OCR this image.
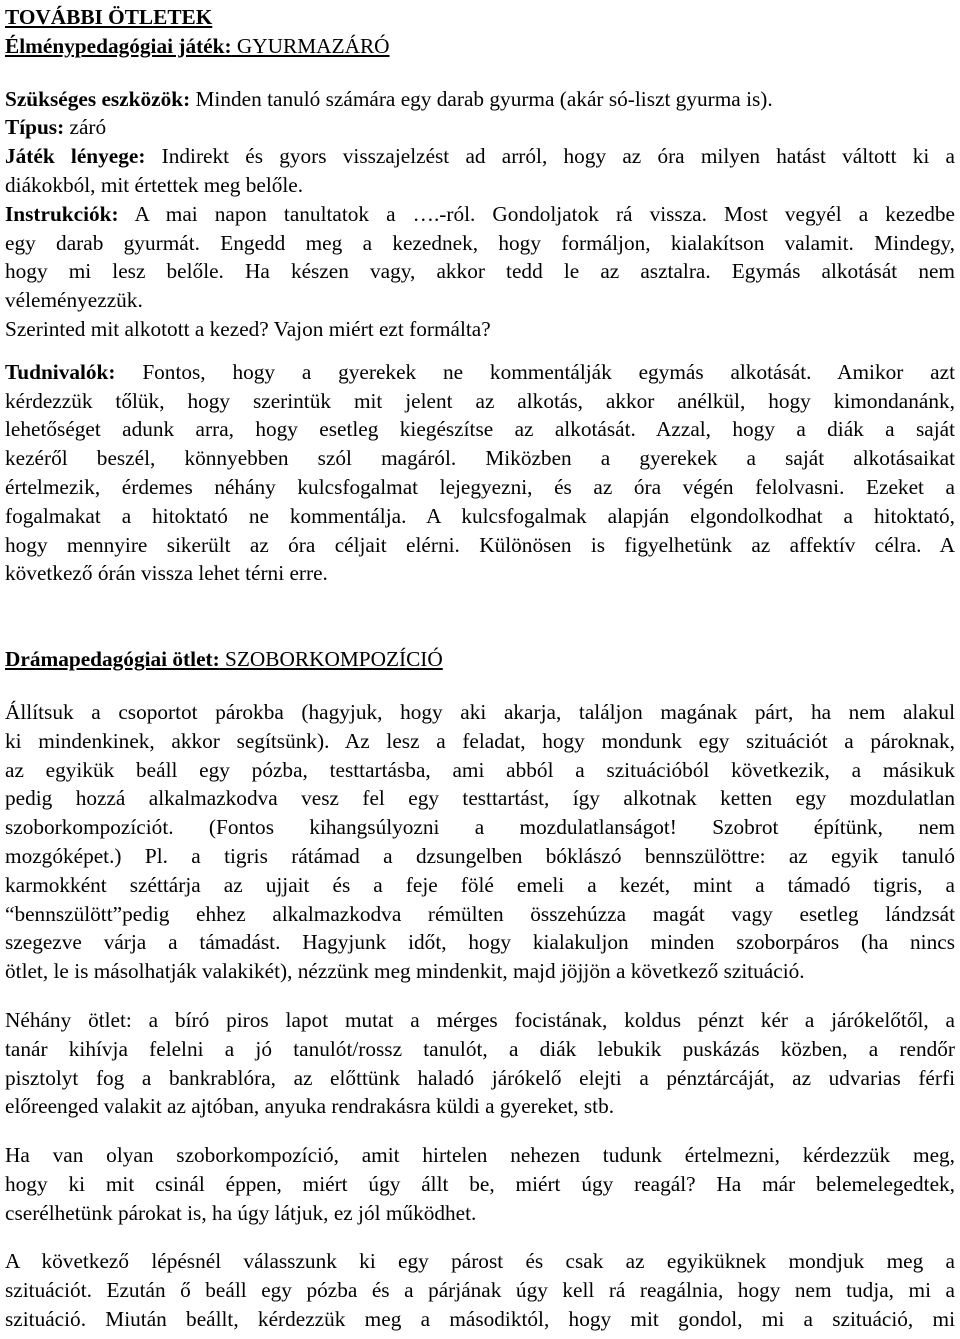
TOVÁBBI ÖTLETEK
Élménypedagógiai játék: GYURMAZÁRÓ
Szükséges eszközök: Minden tanuló számára egy darab gyurma (akár só-liszt gyurma is).
Típus: záró
Játék lényege: Indirekt és gyors visszajelzést ad arról, hogy az óra milyen hatást váltott ki a
diákokból, mit értettek meg belőle.
Instrukciók: A mai napon tanultatok a ….-ról. Gondoljatok rá vissza. Most vegyél a kezedbe
egy darab gyurmát. Engedd meg a kezednek, hogy formáljon, kialakítson valamit. Mindegy,
hogy mi lesz belőle. Ha készen vagy, akkor tedd le az asztalra. Egymás alkotását nem
véleményezzük.
Szerinted mit alkotott a kezed? Vajon miért ezt formálta?
Tudnivalók: Fontos, hogy a gyerekek ne kommentálják egymás alkotását. Amikor azt
kérdezzük tőlük, hogy szerintük mit jelent az alkotás, akkor anélkül, hogy kimondanánk,
lehetőséget adunk arra, hogy esetleg kiegészítse az alkotását. Azzal, hogy a diák a saját
kezéről beszél, könnyebben szól magáról. Miközben a gyerekek a saját alkotásaikat
értelmezik, érdemes néhány kulcsfogalmat lejegyezni, és az óra végén felolvasni. Ezeket a
fogalmakat a hitoktató ne kommentálja. A kulcsfogalmak alapján elgondolkodhat a hitoktató,
hogy mennyire sikerült az óra céljait elérni. Különösen is figyelhetünk az affektív célra. A
következő órán vissza lehet térni erre.
Drámapedagógiai ötlet: SZOBORKOMPOZÍCIÓ
Állítsuk a csoportot párokba (hagyjuk, hogy aki akarja, találjon magának párt, ha nem alakul
ki mindenkinek, akkor segítsünk). Az lesz a feladat, hogy mondunk egy szituációt a pároknak,
az egyikük beáll egy pózba, testtartásba, ami abból a szituációból következik, a másikuk
pedig hozzá alkalmazkodva vesz fel egy testtartást, így alkotnak ketten egy mozdulatlan
szoborkompozíciót. (Fontos kihangsúlyozni a mozdulatlanságot! Szobrot építünk, nem
mozgóképet.) Pl. a tigris rátámad a dzsungelben bóklászó bennszülöttre: az egyik tanuló
karmokként széttárja az ujjait és a feje fölé emeli a kezét, mint a támadó tigris, a
“bennszülött”pedig ehhez alkalmazkodva rémülten összehúzza magát vagy esetleg lándzsát
szegezve várja a támadást. Hagyjunk időt, hogy kialakuljon minden szoborpáros (ha nincs
ötlet, le is másolhatják valakikét), nézzünk meg mindenkit, majd jöjjön a következő szituáció.
Néhány ötlet: a bíró piros lapot mutat a mérges focistának, koldus pénzt kér a járókelőtől, a
tanár kihívja felelni a jó tanulót/rossz tanulót, a diák lebukik puskázás közben, a rendőr
pisztolyt fog a bankrablóra, az előttünk haladó járókelő elejti a pénztárcáját, az udvarias férfi
előreenged valakit az ajtóban, anyuka rendrakásra küldi a gyereket, stb.
Ha van olyan szoborkompozíció, amit hirtelen nehezen tudunk értelmezni, kérdezzük meg,
hogy ki mit csinál éppen, miért úgy állt be, miért úgy reagál? Ha már belemelegedtek,
cserélhetünk párokat is, ha úgy látjuk, ez jól működhet.
A következő lépésnél válasszunk ki egy párost és csak az egyiküknek mondjuk meg a
szituációt. Ezután ő beáll egy pózba és a párjának úgy kell rá reagálnia, hogy nem tudja, mi a
szituáció. Miután beállt, kérdezzük meg a másodiktól, hogy mit gondol, mi a szituáció, mi
